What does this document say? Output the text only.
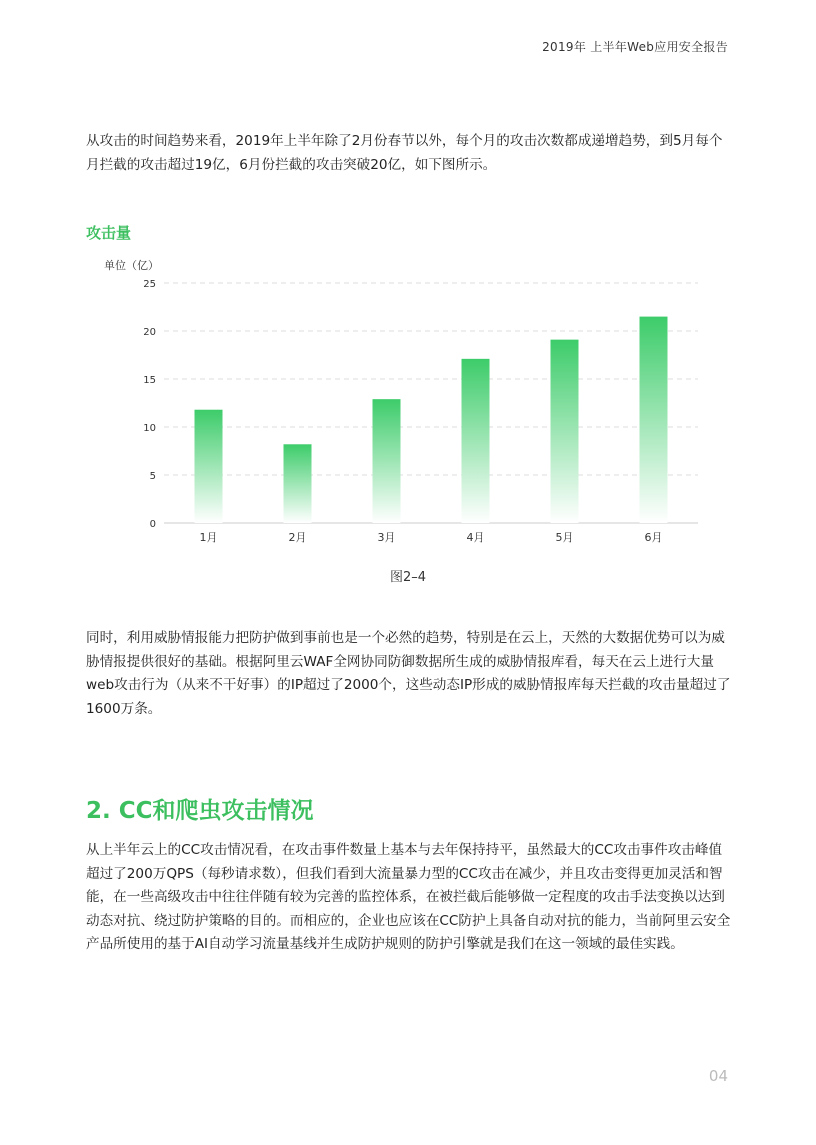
2019年 上半年Web应用安全报告

从攻击的时间趋势来看，2019年上半年除了2月份春节以外，每个月的攻击次数都成递增趋势，到5月每个月拦截的攻击超过19亿，6月份拦截的攻击突破20亿，如下图所示。

攻击量
单位（亿）
0
5
10
15
20
25
1月	2月	3月	4月	5月	6月
图2–4

同时，利用威胁情报能力把防护做到事前也是一个必然的趋势，特别是在云上，天然的大数据优势可以为威胁情报提供很好的基础。根据阿里云WAF全网协同防御数据所生成的威胁情报库看，每天在云上进行大量web攻击行为（从来不干好事）的IP超过了2000个，这些动态IP形成的威胁情报库每天拦截的攻击量超过了1600万条。

2. CC和爬虫攻击情况

从上半年云上的CC攻击情况看，在攻击事件数量上基本与去年保持持平，虽然最大的CC攻击事件攻击峰值超过了200万QPS（每秒请求数），但我们看到大流量暴力型的CC攻击在减少，并且攻击变得更加灵活和智能，在一些高级攻击中往往伴随有较为完善的监控体系，在被拦截后能够做一定程度的攻击手法变换以达到动态对抗、绕过防护策略的目的。而相应的，企业也应该在CC防护上具备自动对抗的能力，当前阿里云安全产品所使用的基于AI自动学习流量基线并生成防护规则的防护引擎就是我们在这一领域的最佳实践。

04
